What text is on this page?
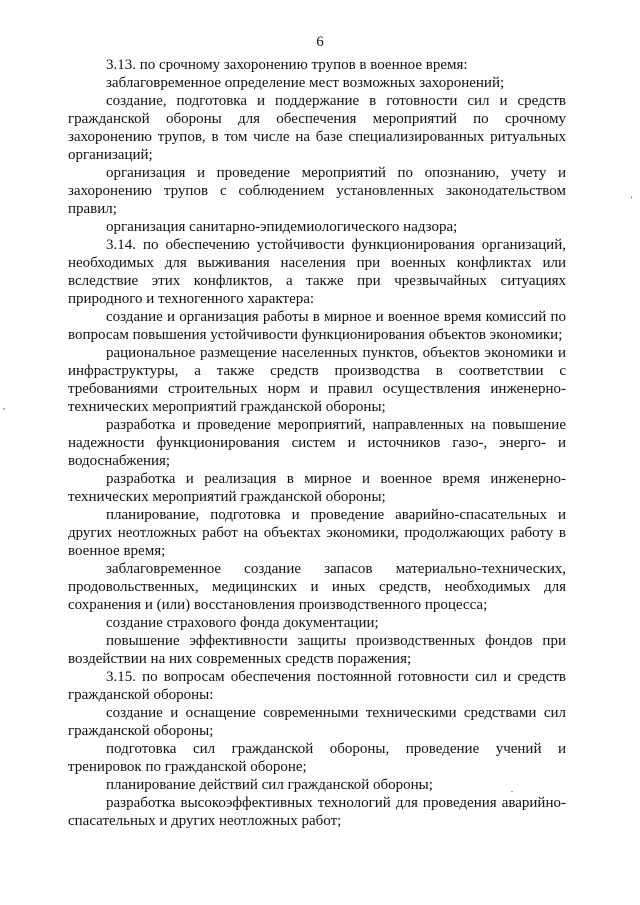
6

3.13. по срочному захоронению трупов в военное время:

заблаговременное определение мест возможных захоронений;

создание, подготовка и поддержание в готовности сил и средств гражданской обороны для обеспечения мероприятий по срочному захоронению трупов, в том числе на базе специализированных ритуальных организаций;

организация и проведение мероприятий по опознанию, учету и захоронению трупов с соблюдением установленных законодательством правил;

организация санитарно-эпидемиологического надзора;

3.14. по обеспечению устойчивости функционирования организаций, необходимых для выживания населения при военных конфликтах или вследствие этих конфликтов, а также при чрезвычайных ситуациях природного и техногенного характера:

создание и организация работы в мирное и военное время комиссий по вопросам повышения устойчивости функционирования объектов экономики;

рациональное размещение населенных пунктов, объектов экономики и инфраструктуры, а также средств производства в соответствии с требованиями строительных норм и правил осуществления инженерно-технических мероприятий гражданской обороны;

разработка и проведение мероприятий, направленных на повышение надежности функционирования систем и источников газо-, энерго- и водоснабжения;

разработка и реализация в мирное и военное время инженерно-технических мероприятий гражданской обороны;

планирование, подготовка и проведение аварийно-спасательных и других неотложных работ на объектах экономики, продолжающих работу в военное время;

заблаговременное создание запасов материально-технических, продовольственных, медицинских и иных средств, необходимых для сохранения и (или) восстановления производственного процесса;

создание страхового фонда документации;

повышение эффективности защиты производственных фондов при воздействии на них современных средств поражения;

3.15. по вопросам обеспечения постоянной готовности сил и средств гражданской обороны:

создание и оснащение современными техническими средствами сил гражданской обороны;

подготовка сил гражданской обороны, проведение учений и тренировок по гражданской обороне;

планирование действий сил гражданской обороны;

разработка высокоэффективных технологий для проведения аварийно-спасательных и других неотложных работ;
